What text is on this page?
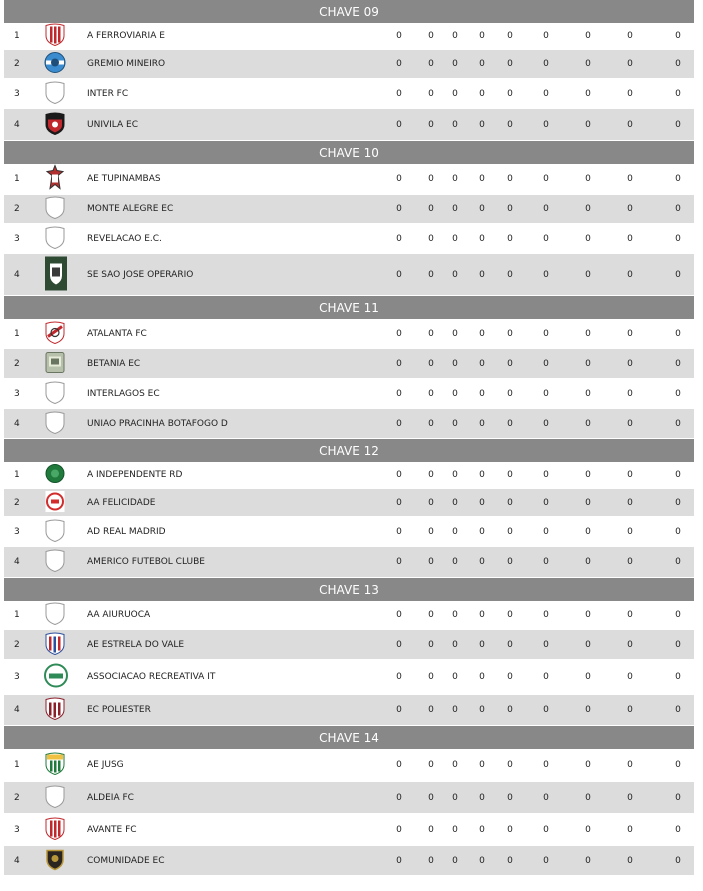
CHAVE 09
1	A FERROVIARIA E	0	0	0	0	0	0	0	0	0
2	GREMIO MINEIRO	0	0	0	0	0	0	0	0	0
3	INTER FC	0	0	0	0	0	0	0	0	0
4	UNIVILA EC	0	0	0	0	0	0	0	0	0
CHAVE 10
1	AE TUPINAMBAS	0	0	0	0	0	0	0	0	0
2	MONTE ALEGRE EC	0	0	0	0	0	0	0	0	0
3	REVELACAO E.C.	0	0	0	0	0	0	0	0	0
4	SE SAO JOSE OPERARIO	0	0	0	0	0	0	0	0	0
CHAVE 11
1	ATALANTA FC	0	0	0	0	0	0	0	0	0
2	BETANIA EC	0	0	0	0	0	0	0	0	0
3	INTERLAGOS EC	0	0	0	0	0	0	0	0	0
4	UNIAO PRACINHA BOTAFOGO D	0	0	0	0	0	0	0	0	0
CHAVE 12
1	A INDEPENDENTE RD	0	0	0	0	0	0	0	0	0
2	AA FELICIDADE	0	0	0	0	0	0	0	0	0
3	AD REAL MADRID	0	0	0	0	0	0	0	0	0
4	AMERICO FUTEBOL CLUBE	0	0	0	0	0	0	0	0	0
CHAVE 13
1	AA AIURUOCA	0	0	0	0	0	0	0	0	0
2	AE ESTRELA DO VALE	0	0	0	0	0	0	0	0	0
3	ASSOCIACAO RECREATIVA IT	0	0	0	0	0	0	0	0	0
4	EC POLIESTER	0	0	0	0	0	0	0	0	0
CHAVE 14
1	AE JUSG	0	0	0	0	0	0	0	0	0
2	ALDEIA FC	0	0	0	0	0	0	0	0	0
3	AVANTE FC	0	0	0	0	0	0	0	0	0
4	COMUNIDADE EC	0	0	0	0	0	0	0	0	0
